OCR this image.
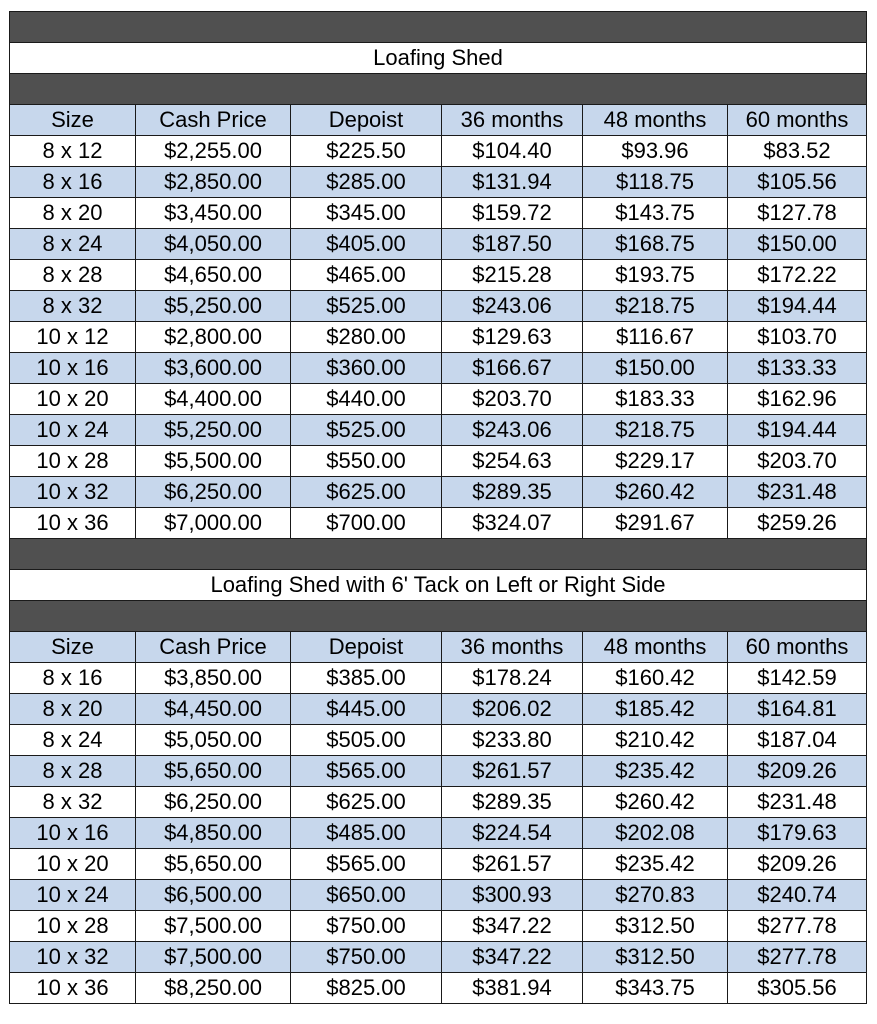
Loafing Shed					

Size	Cash Price	Depoist	36 months	48 months	60 months
8 x 12	$2,255.00	$225.50	$104.40	$93.96	$83.52
8 x 16	$2,850.00	$285.00	$131.94	$118.75	$105.56
8 x 20	$3,450.00	$345.00	$159.72	$143.75	$127.78
8 x 24	$4,050.00	$405.00	$187.50	$168.75	$150.00
8 x 28	$4,650.00	$465.00	$215.28	$193.75	$172.22
8 x 32	$5,250.00	$525.00	$243.06	$218.75	$194.44
10 x 12	$2,800.00	$280.00	$129.63	$116.67	$103.70
10 x 16	$3,600.00	$360.00	$166.67	$150.00	$133.33
10 x 20	$4,400.00	$440.00	$203.70	$183.33	$162.96
10 x 24	$5,250.00	$525.00	$243.06	$218.75	$194.44
10 x 28	$5,500.00	$550.00	$254.63	$229.17	$203.70
10 x 32	$6,250.00	$625.00	$289.35	$260.42	$231.48
10 x 36	$7,000.00	$700.00	$324.07	$291.67	$259.26

Loafing Shed with 6' Tack on Left or Right Side					

Size	Cash Price	Depoist	36 months	48 months	60 months
8 x 16	$3,850.00	$385.00	$178.24	$160.42	$142.59
8 x 20	$4,450.00	$445.00	$206.02	$185.42	$164.81
8 x 24	$5,050.00	$505.00	$233.80	$210.42	$187.04
8 x 28	$5,650.00	$565.00	$261.57	$235.42	$209.26
8 x 32	$6,250.00	$625.00	$289.35	$260.42	$231.48
10 x 16	$4,850.00	$485.00	$224.54	$202.08	$179.63
10 x 20	$5,650.00	$565.00	$261.57	$235.42	$209.26
10 x 24	$6,500.00	$650.00	$300.93	$270.83	$240.74
10 x 28	$7,500.00	$750.00	$347.22	$312.50	$277.78
10 x 32	$7,500.00	$750.00	$347.22	$312.50	$277.78
10 x 36	$8,250.00	$825.00	$381.94	$343.75	$305.56
